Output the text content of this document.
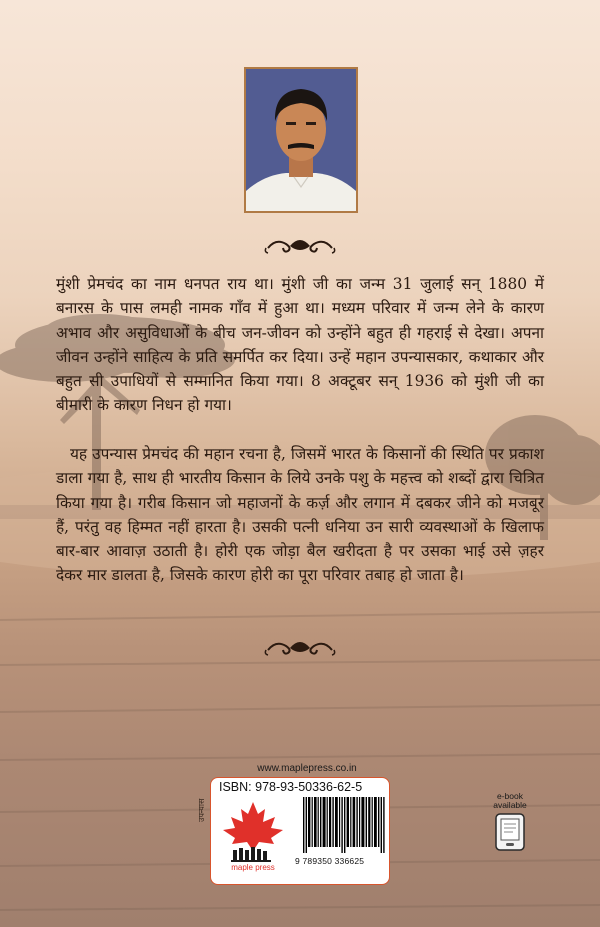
मुंशी प्रेमचंद का नाम धनपत राय था। मुंशी जी का जन्म 31 जुलाई सन् 1880 में बनारस के पास लमही नामक गाँव में हुआ था। मध्यम परिवार में जन्म लेने के कारण अभाव और असुविधाओं के बीच जन-जीवन को उन्होंने बहुत ही गहराई से देखा। अपना जीवन उन्होंने साहित्य के प्रति समर्पित कर दिया। उन्हें महान उपन्यासकार, कथाकार और बहुत सी उपाधियों से सम्मानित किया गया। 8 अक्टूबर सन् 1936 को मुंशी जी का बीमारी के कारण निधन हो गया।

यह उपन्यास प्रेमचंद की महान रचना है, जिसमें भारत के किसानों की स्थिति पर प्रकाश डाला गया है, साथ ही भारतीय किसान के लिये उनके पशु के महत्त्व को शब्दों द्वारा चित्रित किया गया है। गरीब किसान जो महाजनों के कर्ज़ और लगान में दबकर जीने को मजबूर हैं, परंतु वह हिम्मत नहीं हारता है। उसकी पत्नी धनिया उन सारी व्यवस्थाओं के खिलाफ बार-बार आवाज़ उठाती है। होरी एक जोड़ा बैल खरीदता है पर उसका भाई उसे ज़हर देकर मार डालता है, जिसके कारण होरी का पूरा परिवार तबाह हो जाता है।

www.maplepress.co.in
उपन्यास
ISBN: 978-93-50336-62-5
maple press
9 789350 336625
e-book
available
